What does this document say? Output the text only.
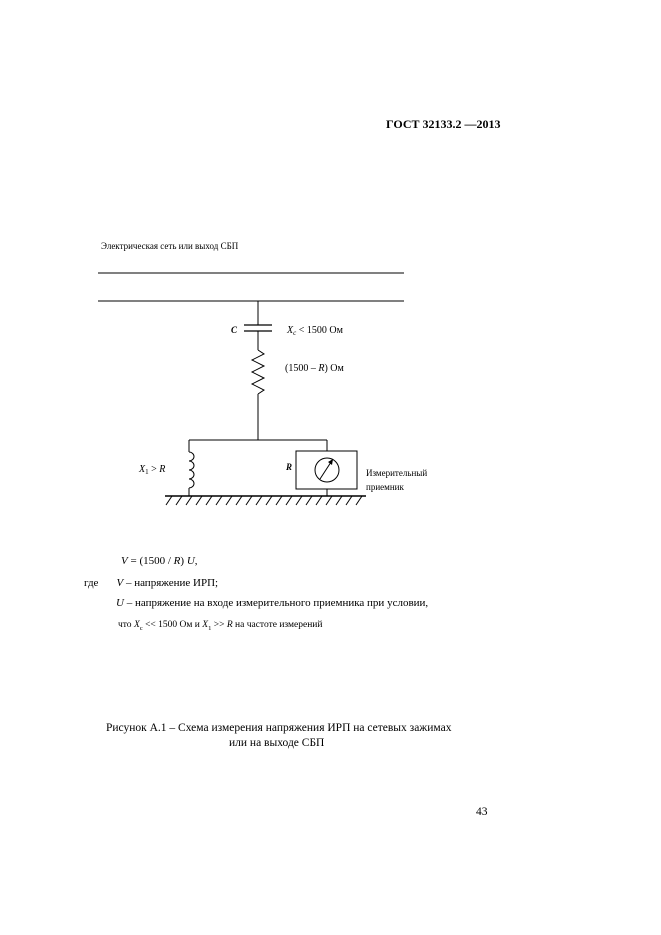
ГОСТ 32133.2 —2013
Электрическая сеть или выход СБП
C	$X_c < 1500$ Ом
(1500 – R) Ом
$X_1 > R$	R
Измерительный
приемник
V = (1500 / R) U,
где V – напряжение ИРП;
U – напряжение на входе измерительного приемника при условии,
что $X_c << 1500$ Ом и $X_1 >> R$ на частоте измерений
Рисунок А.1 – Схема измерения напряжения ИРП на сетевых зажимах
или на выходе СБП
43
